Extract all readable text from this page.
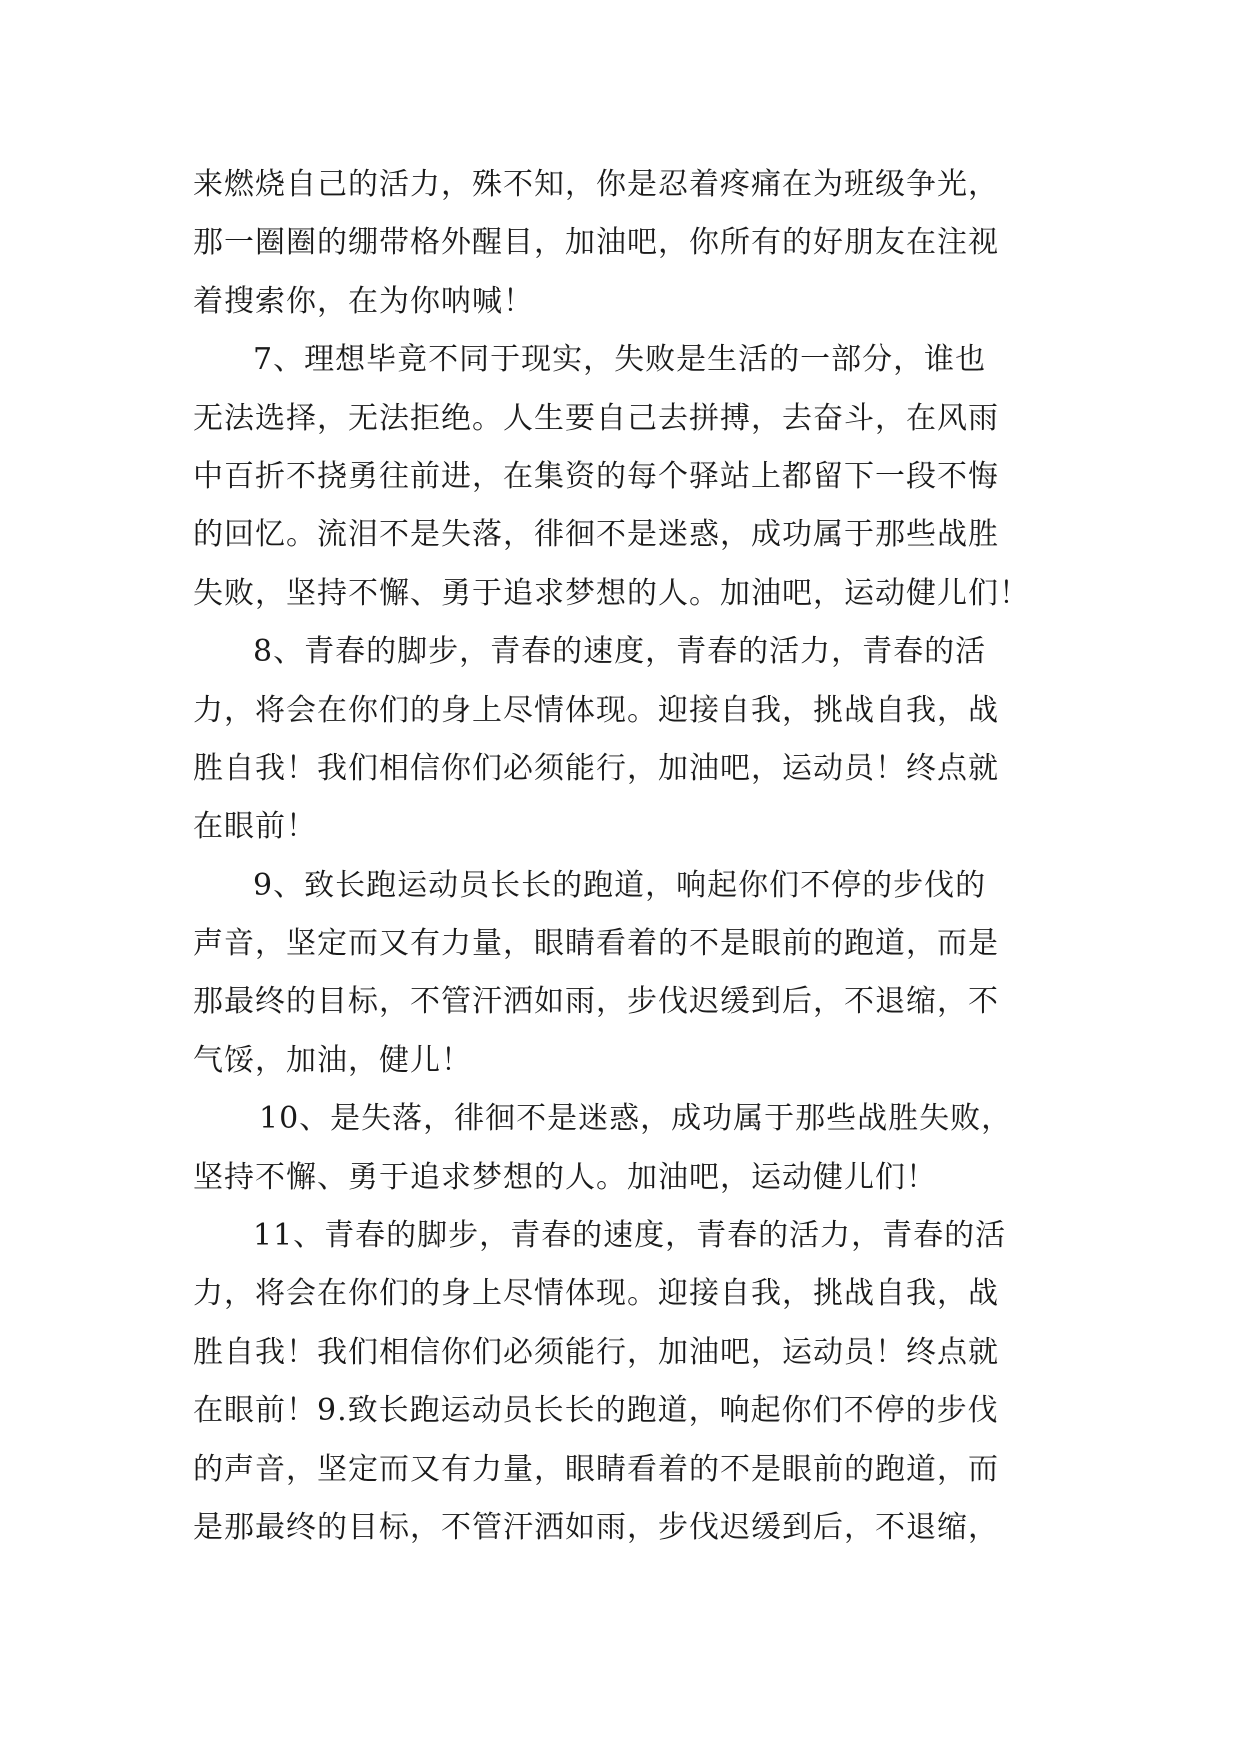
来燃烧自己的活力，殊不知，你是忍着疼痛在为班级争光，
那一圈圈的绷带格外醒目，加油吧，你所有的好朋友在注视
着搜索你，在为你呐喊！
7、理想毕竟不同于现实，失败是生活的一部分，谁也
无法选择，无法拒绝。人生要自己去拼搏，去奋斗，在风雨
中百折不挠勇往前进，在集资的每个驿站上都留下一段不悔
的回忆。流泪不是失落，徘徊不是迷惑，成功属于那些战胜
失败，坚持不懈、勇于追求梦想的人。加油吧，运动健儿们！
8、青春的脚步，青春的速度，青春的活力，青春的活
力，将会在你们的身上尽情体现。迎接自我，挑战自我，战
胜自我！我们相信你们必须能行，加油吧，运动员！终点就
在眼前！
9、致长跑运动员长长的跑道，响起你们不停的步伐的
声音，坚定而又有力量，眼睛看着的不是眼前的跑道，而是
那最终的目标，不管汗洒如雨，步伐迟缓到后，不退缩，不
气馁，加油，健儿！
10、是失落，徘徊不是迷惑，成功属于那些战胜失败，
坚持不懈、勇于追求梦想的人。加油吧，运动健儿们！
11、青春的脚步，青春的速度，青春的活力，青春的活
力，将会在你们的身上尽情体现。迎接自我，挑战自我，战
胜自我！我们相信你们必须能行，加油吧，运动员！终点就
在眼前！9.致长跑运动员长长的跑道，响起你们不停的步伐
的声音，坚定而又有力量，眼睛看着的不是眼前的跑道，而
是那最终的目标，不管汗洒如雨，步伐迟缓到后，不退缩，
